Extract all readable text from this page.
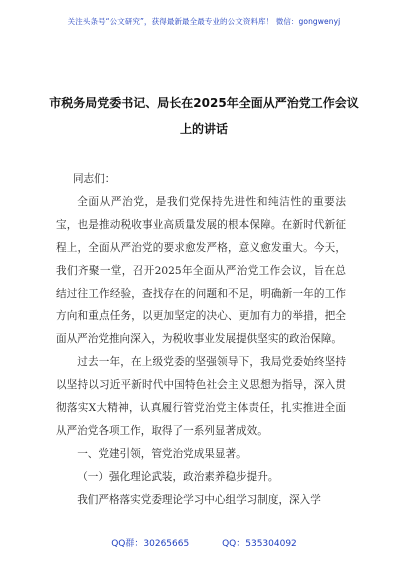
关注头条号“公文研究”，获得最新最全最专业的公文资料库！ 微信：gongwenyj
市税务局党委书记、局长在2025年全面从严治党工作会议
上的讲话

同志们：

全面从严治党，是我们党保持先进性和纯洁性的重要法宝，也是推动税收事业高质量发展的根本保障。在新时代新征程上，全面从严治党的要求愈发严格，意义愈发重大。今天，我们齐聚一堂，召开2025年全面从严治党工作会议，旨在总结过往工作经验，查找存在的问题和不足，明确新一年的工作方向和重点任务，以更加坚定的决心、更加有力的举措，把全面从严治党推向深入，为税收事业发展提供坚实的政治保障。

过去一年，在上级党委的坚强领导下，我局党委始终坚持以坚持以习近平新时代中国特色社会主义思想为指导，深入贯彻落实X大精神，认真履行管党治党主体责任，扎实推进全面从严治党各项工作，取得了一系列显著成效。

一、党建引领，管党治党成果显著。

（一）强化理论武装，政治素养稳步提升。

我们严格落实党委理论学习中心组学习制度，深入学

QQ群：30265665	QQ：535304092
